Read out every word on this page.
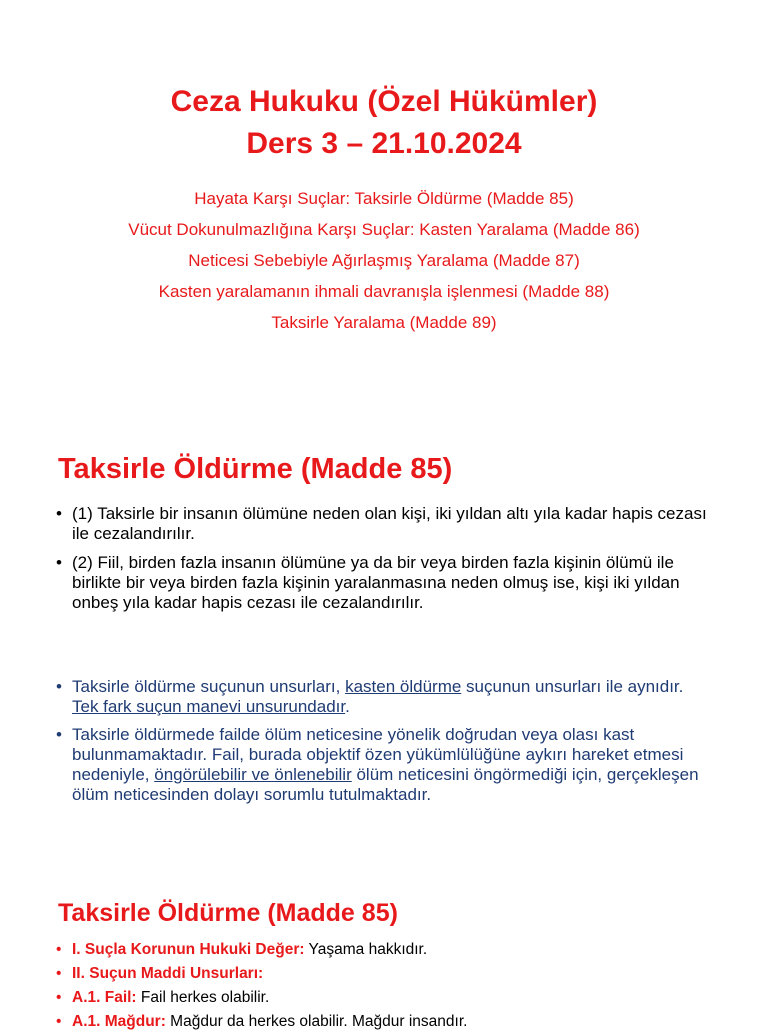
Ceza Hukuku (Özel Hükümler)
Ders 3 – 21.10.2024
Hayata Karşı Suçlar: Taksirle Öldürme (Madde 85)
Vücut Dokunulmazlığına Karşı Suçlar: Kasten Yaralama (Madde 86)
Neticesi Sebebiyle Ağırlaşmış Yaralama (Madde 87)
Kasten yaralamanın ihmali davranışla işlenmesi (Madde 88)
Taksirle Yaralama (Madde 89)
Taksirle Öldürme (Madde 85)
• (1) Taksirle bir insanın ölümüne neden olan kişi, iki yıldan altı yıla kadar hapis cezası ile cezalandırılır.
• (2) Fiil, birden fazla insanın ölümüne ya da bir veya birden fazla kişinin ölümü ile birlikte bir veya birden fazla kişinin yaralanmasına neden olmuş ise, kişi iki yıldan onbeş yıla kadar hapis cezası ile cezalandırılır.
• Taksirle öldürme suçunun unsurları, kasten öldürme suçunun unsurları ile aynıdır. Tek fark suçun manevi unsurundadır.
• Taksirle öldürmede failde ölüm neticesine yönelik doğrudan veya olası kast bulunmamaktadır. Fail, burada objektif özen yükümlülüğüne aykırı hareket etmesi nedeniyle, öngörülebilir ve önlenebilir ölüm neticesini öngörmediği için, gerçekleşen ölüm neticesinden dolayı sorumlu tutulmaktadır.
Taksirle Öldürme (Madde 85)
• I. Suçla Korunun Hukuki Değer: Yaşama hakkıdır.
• II. Suçun Maddi Unsurları:
• A.1. Fail: Fail herkes olabilir.
• A.1. Mağdur: Mağdur da herkes olabilir. Mağdur insandır.
